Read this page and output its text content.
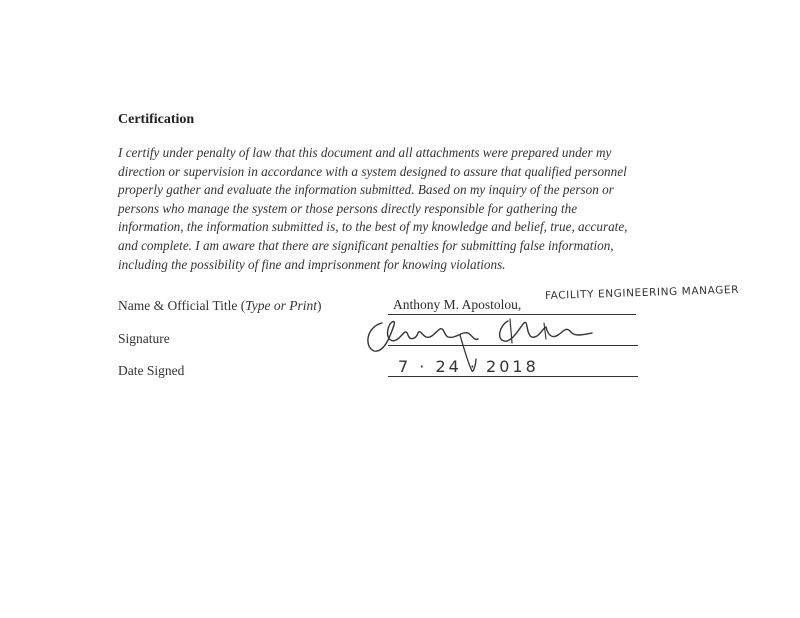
Certification
I certify under penalty of law that this document and all attachments were prepared under my
direction or supervision in accordance with a system designed to assure that qualified personnel
properly gather and evaluate the information submitted. Based on my inquiry of the person or
persons who manage the system or those persons directly responsible for gathering the
information, the information submitted is, to the best of my knowledge and belief, true, accurate,
and complete. I am aware that there are significant penalties for submitting false information,
including the possibility of fine and imprisonment for knowing violations.
Name & Official Title (Type or Print)	Anthony M. Apostolou,
FACILITY ENGINEERING MANAGER
Signature
Date Signed	7 · 24 · 2018
